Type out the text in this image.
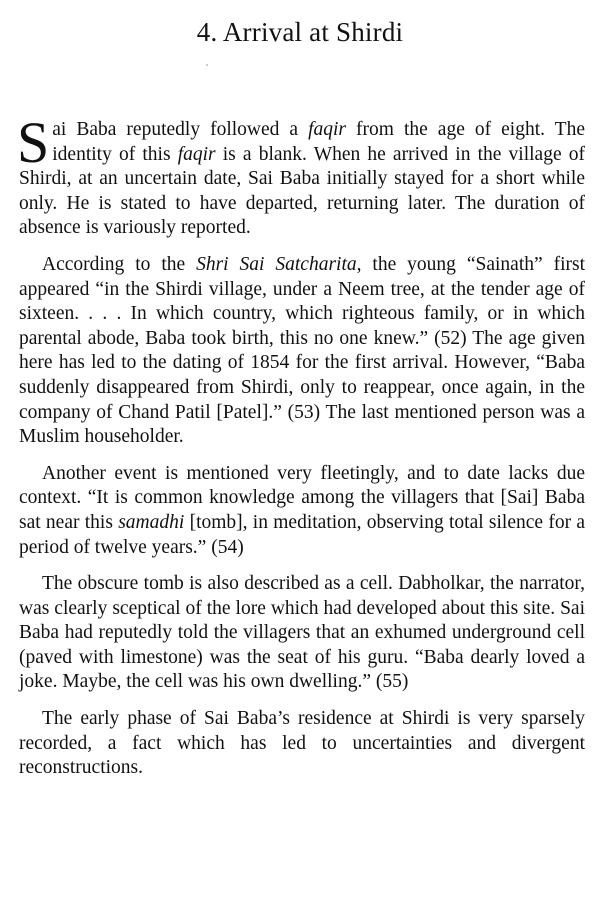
4. Arrival at Shirdi

Sai Baba reputedly followed a faqir from the age of eight. The identity of this faqir is a blank. When he arrived in the village of Shirdi, at an uncertain date, Sai Baba initially stayed for a short while only. He is stated to have departed, returning later. The duration of absence is variously reported.

According to the Shri Sai Satcharita, the young “Sainath” first appeared “in the Shirdi village, under a Neem tree, at the tender age of sixteen. . . . In which country, which righteous family, or in which parental abode, Baba took birth, this no one knew.” (52) The age given here has led to the dating of 1854 for the first arrival. However, “Baba suddenly disappeared from Shirdi, only to reappear, once again, in the company of Chand Patil [Patel].” (53) The last mentioned person was a Muslim householder.

Another event is mentioned very fleetingly, and to date lacks due context. “It is common knowledge among the villagers that [Sai] Baba sat near this samadhi [tomb], in meditation, observing total silence for a period of twelve years.” (54)

The obscure tomb is also described as a cell. Dabholkar, the narrator, was clearly sceptical of the lore which had developed about this site. Sai Baba had reputedly told the villagers that an exhumed underground cell (paved with limestone) was the seat of his guru. “Baba dearly loved a joke. Maybe, the cell was his own dwelling.” (55)

The early phase of Sai Baba’s residence at Shirdi is very sparsely recorded, a fact which has led to uncertainties and divergent reconstructions.
